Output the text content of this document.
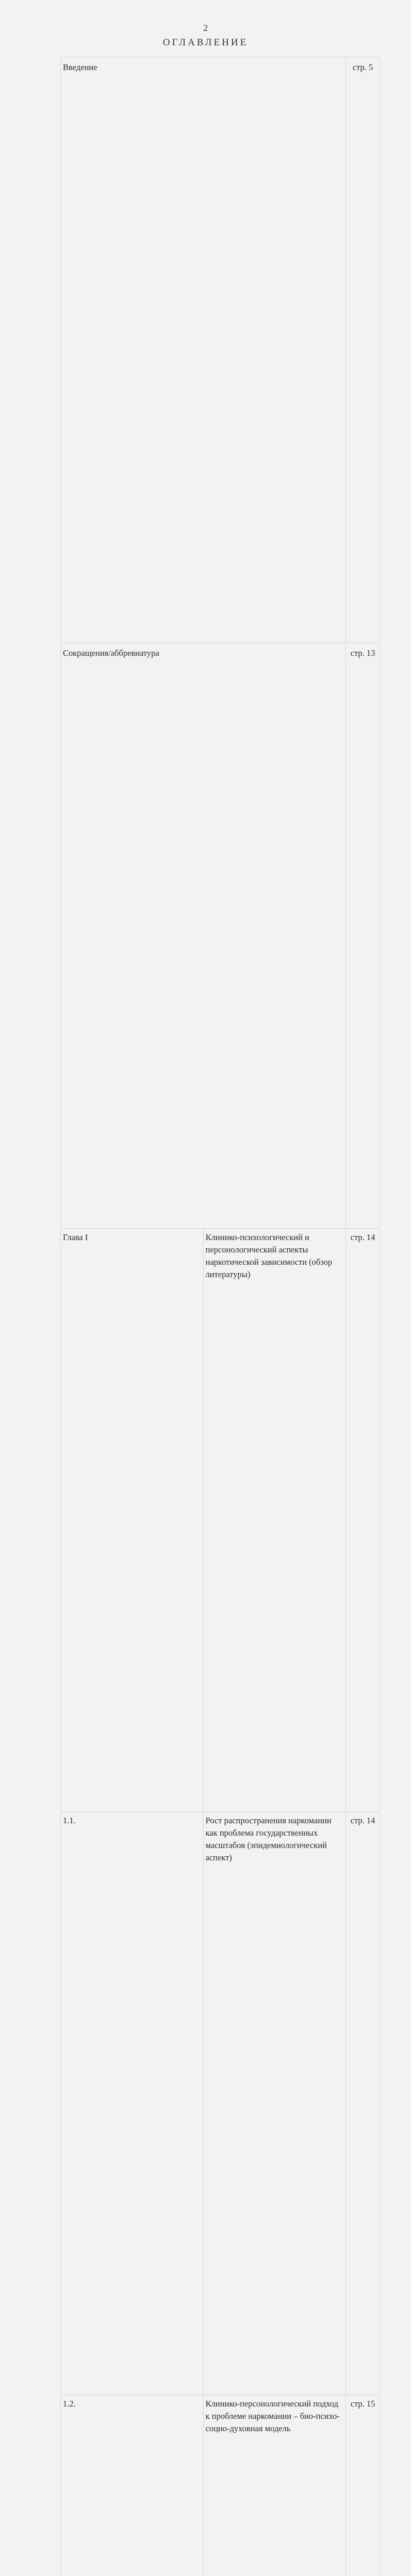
2
ОГЛАВЛЕНИЕ
Введение		стр. 5
Сокращения/аббревиатура		стр. 13
Глава I	Клинико-психологический и персонологический аспекты наркотической зависимости (обзор литературы)	стр. 14
1.1.	Рост распространения наркомании как проблема государственных масштабов (эпидемиологический аспект)	стр. 14
1.2.	Клинико-персонологический подход к проблеме наркомании – био-психо-социо-духовная модель	стр. 15
